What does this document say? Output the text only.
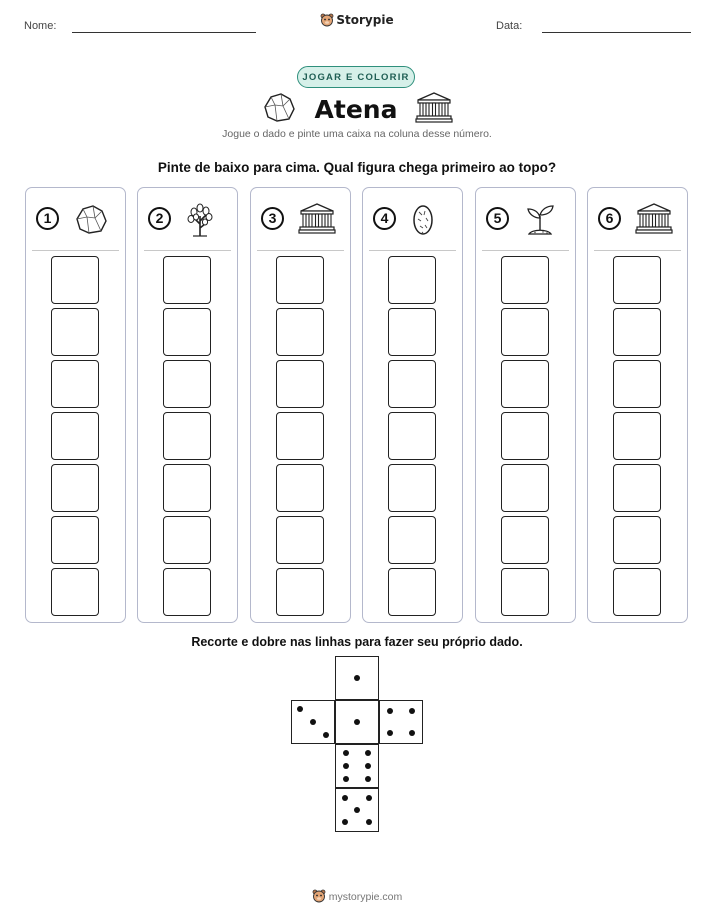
Nome:	Storypie	Data:
JOGAR E COLORIR
Atena
Jogue o dado e pinte uma caixa na coluna desse número.
Pinte de baixo para cima. Qual figura chega primeiro ao topo?
1	2	3	4	5	6
Recorte e dobre nas linhas para fazer seu próprio dado.
mystorypie.com
